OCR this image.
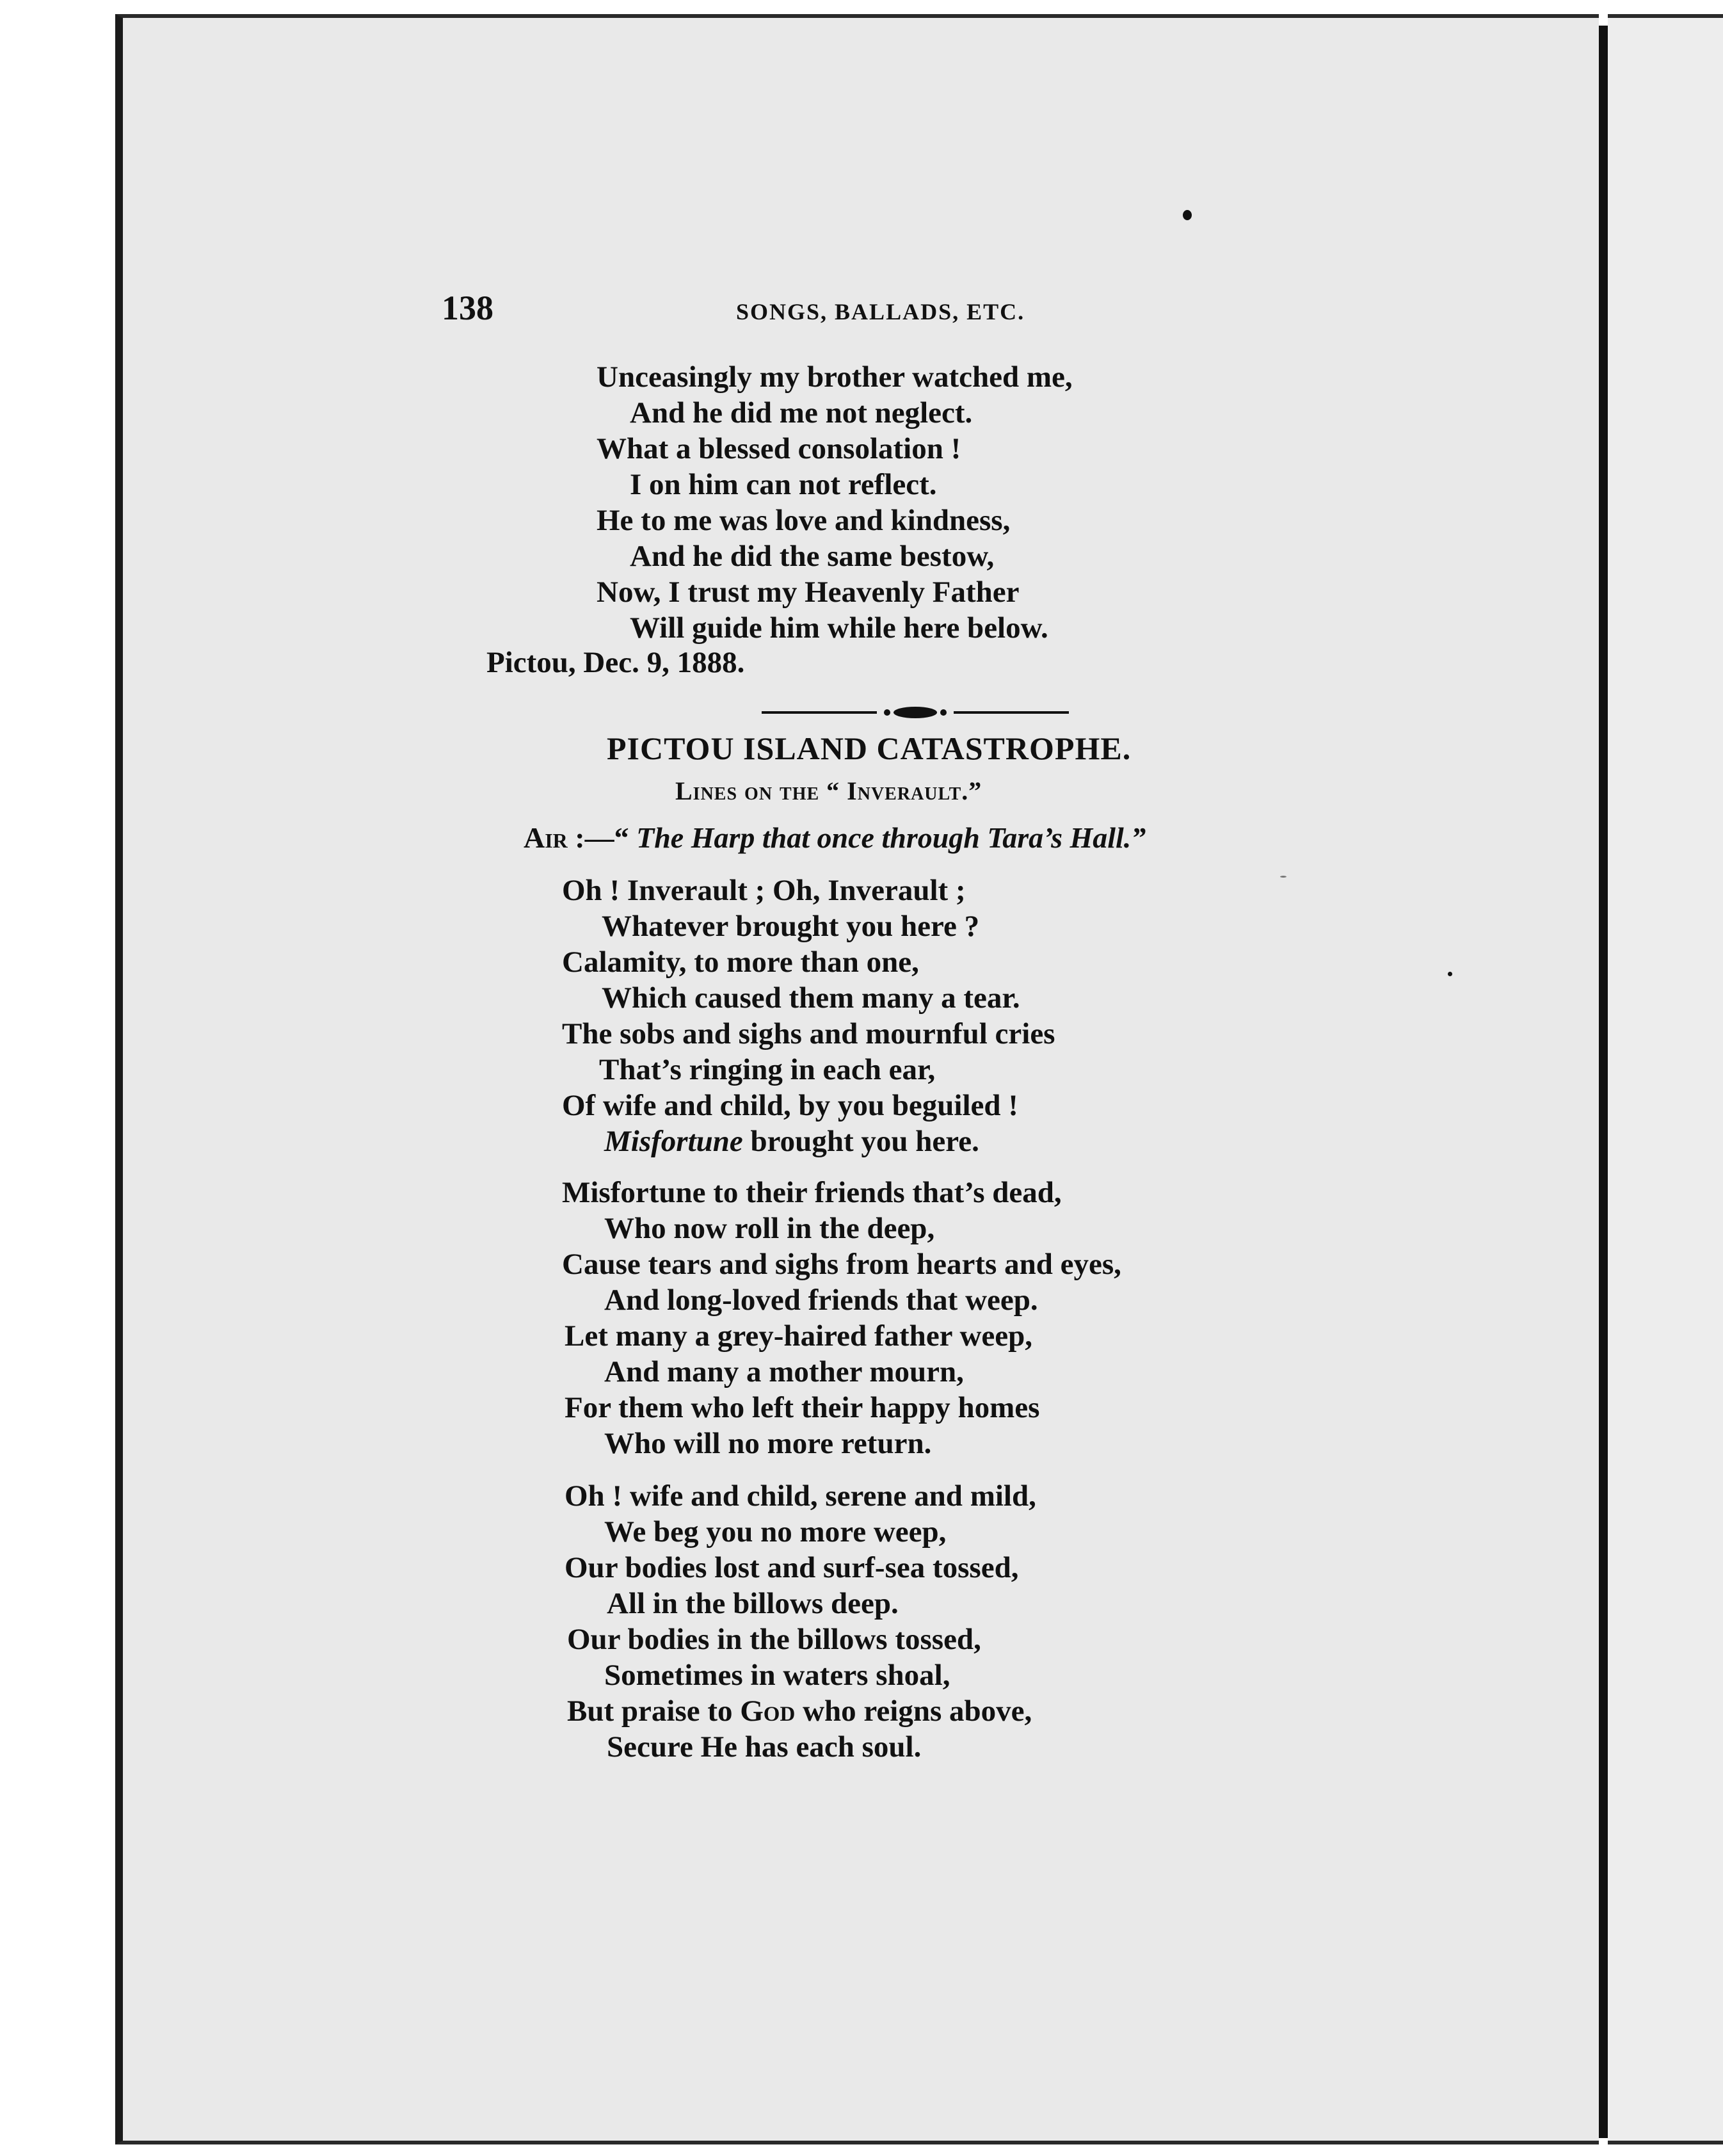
138	SONGS, BALLADS, ETC.
Unceasingly my brother watched me,
And he did me not neglect.
What a blessed consolation !
I on him can not reflect.
He to me was love and kindness,
And he did the same bestow,
Now, I trust my Heavenly Father
Will guide him while here below.
Pictou, Dec. 9, 1888.
PICTOU ISLAND CATASTROPHE.
Lines on the “ Inverault.”
Air :—“ The Harp that once through Tara’s Hall.”
Oh ! Inverault ; Oh, Inverault ;
Whatever brought you here ?
Calamity, to more than one,
Which caused them many a tear.
The sobs and sighs and mournful cries
That’s ringing in each ear,
Of wife and child, by you beguiled !
Misfortune brought you here.
Misfortune to their friends that’s dead,
Who now roll in the deep,
Cause tears and sighs from hearts and eyes,
And long-loved friends that weep.
Let many a grey-haired father weep,
And many a mother mourn,
For them who left their happy homes
Who will no more return.
Oh ! wife and child, serene and mild,
We beg you no more weep,
Our bodies lost and surf-sea tossed,
All in the billows deep.
Our bodies in the billows tossed,
Sometimes in waters shoal,
But praise to God who reigns above,
Secure He has each soul.
